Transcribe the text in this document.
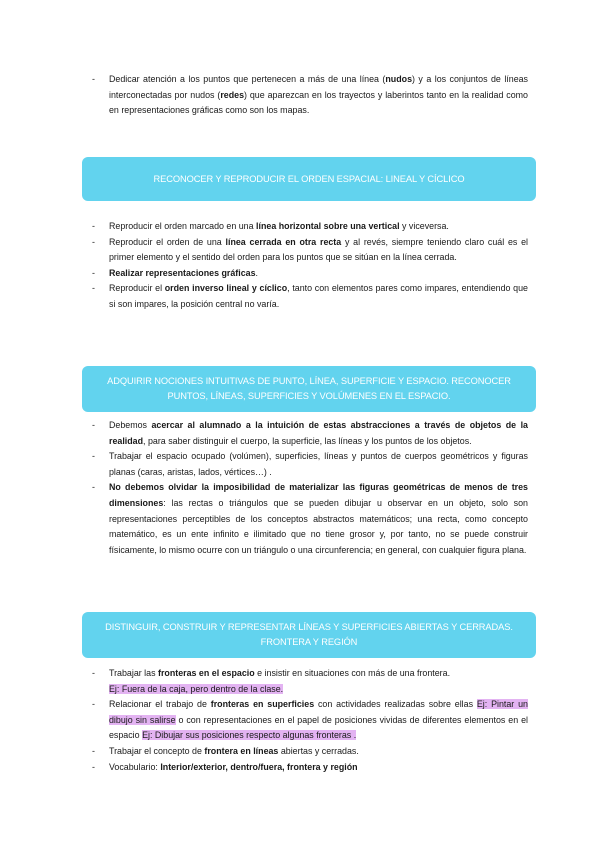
- Dedicar atención a los puntos que pertenecen a más de una línea (nudos) y a los conjuntos de líneas interconectadas por nudos (redes) que aparezcan en los trayectos y laberintos tanto en la realidad como en representaciones gráficas como son los mapas.
RECONOCER Y REPRODUCIR EL ORDEN ESPACIAL: LINEAL Y CÍCLICO
- Reproducir el orden marcado en una línea horizontal sobre una vertical y viceversa.
- Reproducir el orden de una línea cerrada en otra recta y al revés, siempre teniendo claro cuál es el primer elemento y el sentido del orden para los puntos que se sitúan en la línea cerrada.
- Realizar representaciones gráficas.
- Reproducir el orden inverso lineal y cíclico, tanto con elementos pares como impares, entendiendo que si son impares, la posición central no varía.
ADQUIRIR NOCIONES INTUITIVAS DE PUNTO, LÍNEA, SUPERFICIE Y ESPACIO. RECONOCER PUNTOS, LÍNEAS, SUPERFICIES Y VOLÚMENES EN EL ESPACIO.
- Debemos acercar al alumnado a la intuición de estas abstracciones a través de objetos de la realidad, para saber distinguir el cuerpo, la superficie, las líneas y los puntos de los objetos.
- Trabajar el espacio ocupado (volúmen), superficies, líneas y puntos de cuerpos geométricos y figuras planas (caras, aristas, lados, vértices…) .
- No debemos olvidar la imposibilidad de materializar las figuras geométricas de menos de tres dimensiones: las rectas o triángulos que se pueden dibujar u observar en un objeto, solo son representaciones perceptibles de los conceptos abstractos matemáticos; una recta, como concepto matemático, es un ente infinito e ilimitado que no tiene grosor y, por tanto, no se puede construir físicamente, lo mismo ocurre con un triángulo o una circunferencia; en general, con cualquier figura plana.
DISTINGUIR, CONSTRUIR Y REPRESENTAR LÍNEAS Y SUPERFICIES ABIERTAS Y CERRADAS. FRONTERA Y REGIÓN
- Trabajar las fronteras en el espacio e insistir en situaciones con más de una frontera.
Ej: Fuera de la caja, pero dentro de la clase.
- Relacionar el trabajo de fronteras en superficies con actividades realizadas sobre ellas Ej: Pintar un dibujo sin salirse o con representaciones en el papel de posiciones vividas de diferentes elementos en el espacio Ej: Dibujar sus posiciones respecto algunas fronteras .
- Trabajar el concepto de frontera en líneas abiertas y cerradas.
- Vocabulario: Interior/exterior, dentro/fuera, frontera y región
